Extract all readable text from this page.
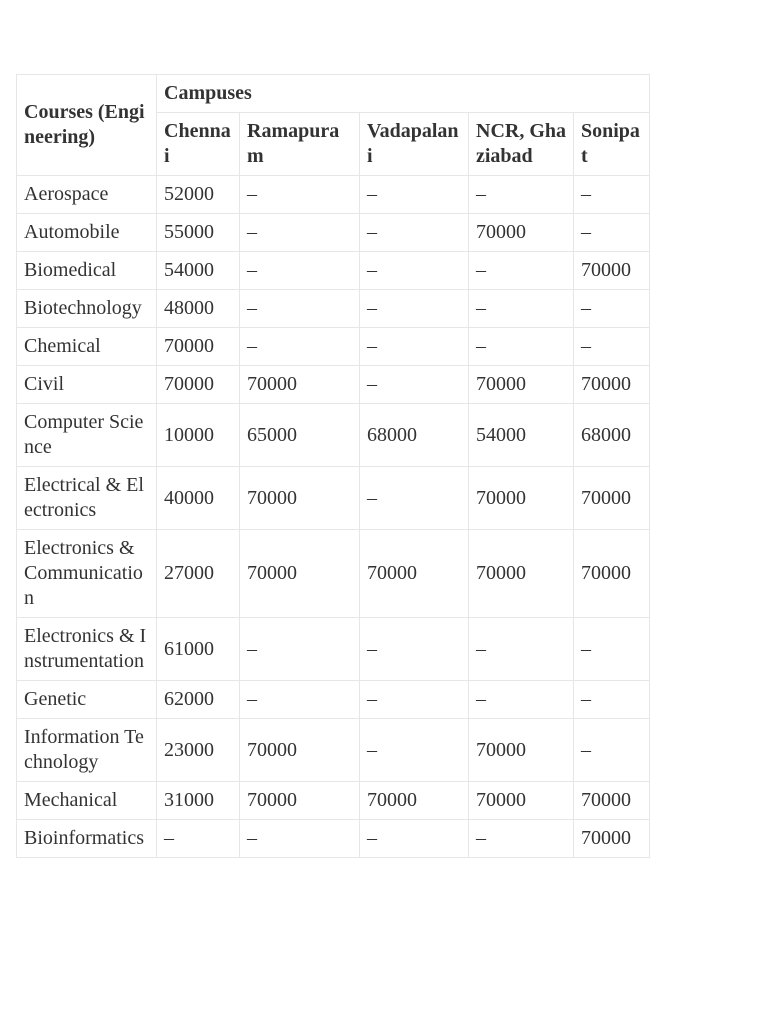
Courses (Engineering)	Campuses				
	Chennai	Ramapuram	Vadapalani	NCR, Ghaziabad	Sonipat
Aerospace	52000	–	–	–	–
Automobile	55000	–	–	70000	–
Biomedical	54000	–	–	–	70000
Biotechnology	48000	–	–	–	–
Chemical	70000	–	–	–	–
Civil	70000	70000	–	70000	70000
Computer Science	10000	65000	68000	54000	68000
Electrical & Electronics	40000	70000	–	70000	70000
Electronics & Communication	27000	70000	70000	70000	70000
Electronics & Instrumentation	61000	–	–	–	–
Genetic	62000	–	–	–	–
Information Technology	23000	70000	–	70000	–
Mechanical	31000	70000	70000	70000	70000
Bioinformatics	–	–	–	–	70000
